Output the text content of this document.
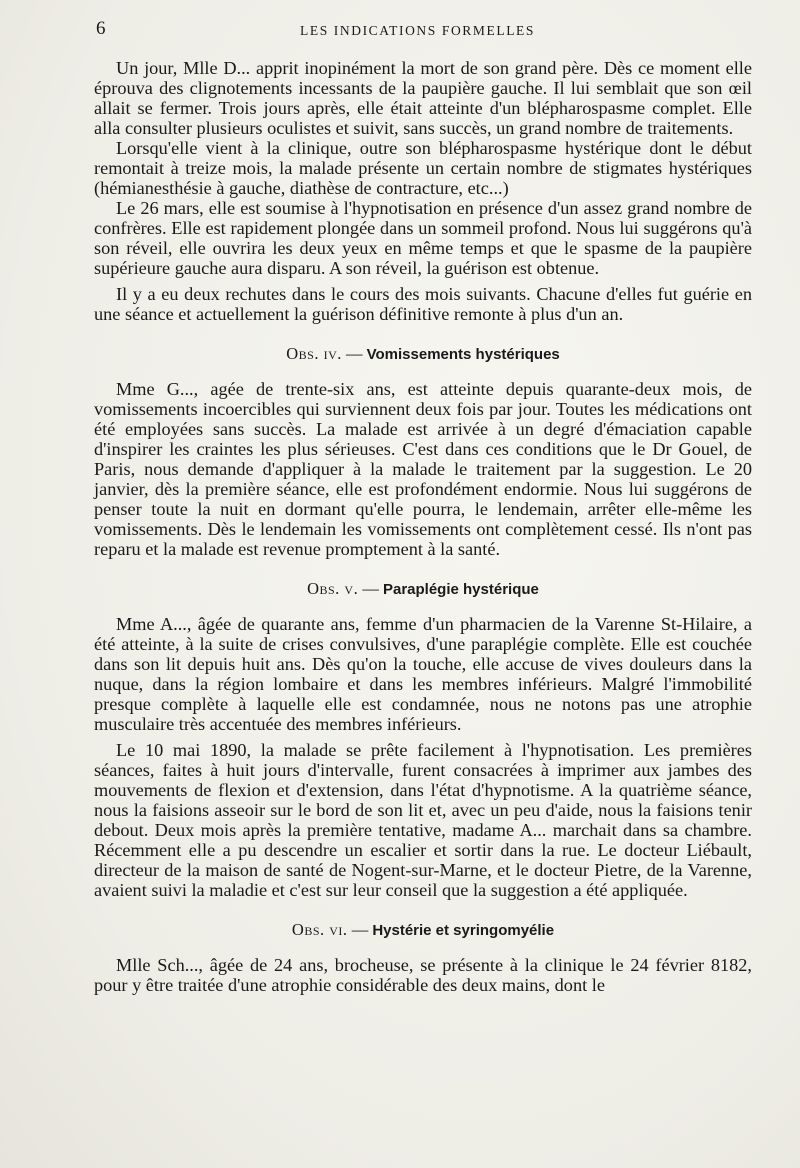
6	LES INDICATIONS FORMELLES

Un jour, Mlle D... apprit inopinément la mort de son grand père. Dès ce moment elle éprouva des clignotements incessants de la paupière gauche. Il lui semblait que son œil allait se fermer. Trois jours après, elle était atteinte d'un blépharospasme complet. Elle alla consulter plusieurs oculistes et suivit, sans succès, un grand nombre de traitements.

Lorsqu'elle vient à la clinique, outre son blépharospasme hystérique dont le début remontait à treize mois, la malade présente un certain nombre de stigmates hystériques (hémianesthésie à gauche, diathèse de contracture, etc...)

Le 26 mars, elle est soumise à l'hypnotisation en présence d'un assez grand nombre de confrères. Elle est rapidement plongée dans un sommeil profond. Nous lui suggérons qu'à son réveil, elle ouvrira les deux yeux en même temps et que le spasme de la paupière supérieure gauche aura disparu. A son réveil, la guérison est obtenue.

Il y a eu deux rechutes dans le cours des mois suivants. Chacune d'elles fut guérie en une séance et actuellement la guérison définitive remonte à plus d'un an.

Obs. iv. — Vomissements hystériques

Mme G..., agée de trente-six ans, est atteinte depuis quarante-deux mois, de vomissements incoercibles qui surviennent deux fois par jour. Toutes les médications ont été employées sans succès. La malade est arrivée à un degré d'émaciation capable d'inspirer les craintes les plus sérieuses. C'est dans ces conditions que le Dr Gouel, de Paris, nous demande d'appliquer à la malade le traitement par la suggestion. Le 20 janvier, dès la première séance, elle est profondément endormie. Nous lui suggérons de penser toute la nuit en dormant qu'elle pourra, le lendemain, arrêter elle-même les vomissements. Dès le lendemain les vomissements ont complètement cessé. Ils n'ont pas reparu et la malade est revenue promptement à la santé.

Obs. v. — Paraplégie hystérique

Mme A..., âgée de quarante ans, femme d'un pharmacien de la Varenne St-Hilaire, a été atteinte, à la suite de crises convulsives, d'une paraplégie complète. Elle est couchée dans son lit depuis huit ans. Dès qu'on la touche, elle accuse de vives douleurs dans la nuque, dans la région lombaire et dans les membres inférieurs. Malgré l'immobilité presque complète à laquelle elle est condamnée, nous ne notons pas une atrophie musculaire très accentuée des membres inférieurs.

Le 10 mai 1890, la malade se prête facilement à l'hypnotisation. Les premières séances, faites à huit jours d'intervalle, furent consacrées à imprimer aux jambes des mouvements de flexion et d'extension, dans l'état d'hypnotisme. A la quatrième séance, nous la faisions asseoir sur le bord de son lit et, avec un peu d'aide, nous la faisions tenir debout. Deux mois après la première tentative, madame A... marchait dans sa chambre. Récemment elle a pu descendre un escalier et sortir dans la rue. Le docteur Liébault, directeur de la maison de santé de Nogent-sur-Marne, et le docteur Pietre, de la Varenne, avaient suivi la maladie et c'est sur leur conseil que la suggestion a été appliquée.

Obs. vi. — Hystérie et syringomyélie

Mlle Sch..., âgée de 24 ans, brocheuse, se présente à la clinique le 24 février 8182, pour y être traitée d'une atrophie considérable des deux mains, dont le
